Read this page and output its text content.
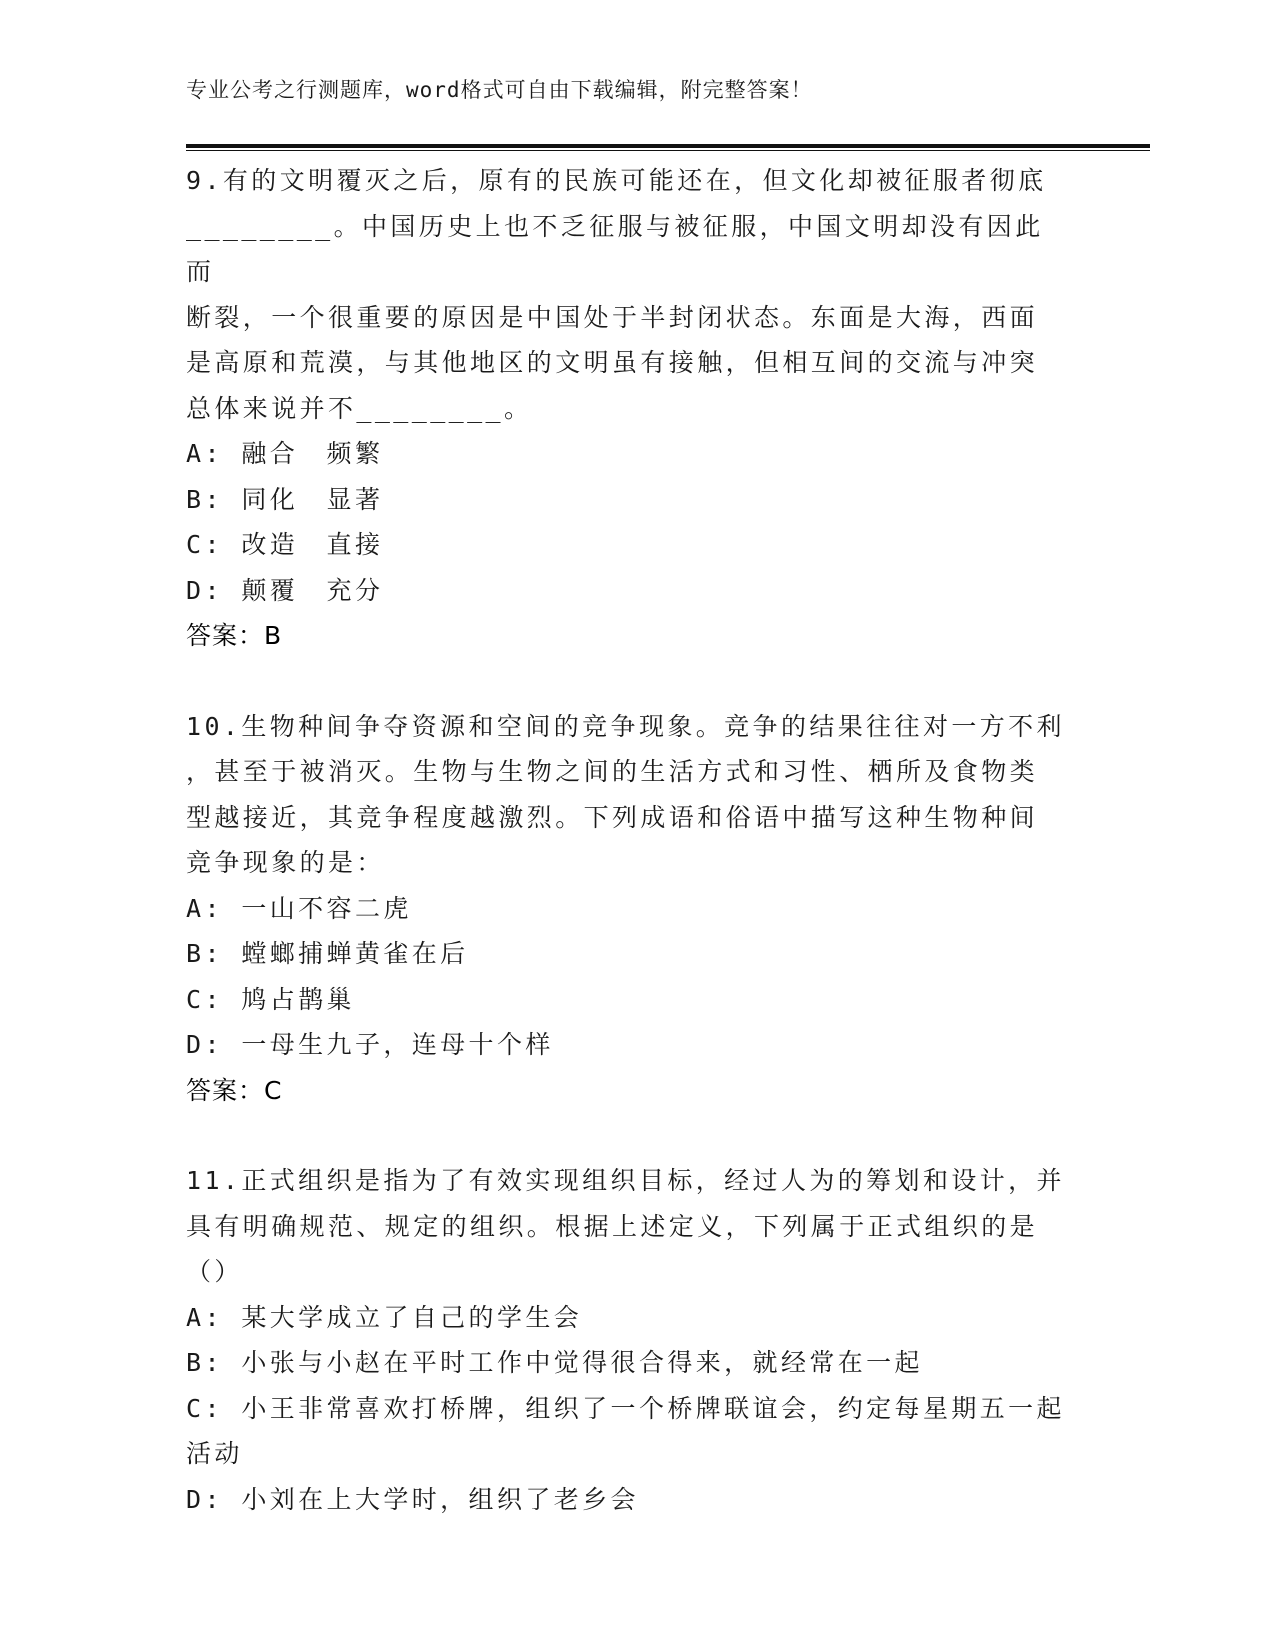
专业公考之行测题库，word格式可自由下载编辑，附完整答案！

9.有的文明覆灭之后，原有的民族可能还在，但文化却被征服者彻底

________。中国历史上也不乏征服与被征服，中国文明却没有因此而

断裂，一个很重要的原因是中国处于半封闭状态。东面是大海，西面

是高原和荒漠，与其他地区的文明虽有接触，但相互间的交流与冲突

总体来说并不________。

A: 融合　频繁

B: 同化　显著

C: 改造　直接

D: 颠覆　充分

答案：B

10.生物种间争夺资源和空间的竞争现象。竞争的结果往往对一方不利

，甚至于被消灭。生物与生物之间的生活方式和习性、栖所及食物类

型越接近，其竞争程度越激烈。下列成语和俗语中描写这种生物种间

竞争现象的是：

A: 一山不容二虎

B: 螳螂捕蝉黄雀在后

C: 鸠占鹊巢

D: 一母生九子，连母十个样

答案：C

11.正式组织是指为了有效实现组织目标，经过人为的筹划和设计，并

具有明确规范、规定的组织。根据上述定义，下列属于正式组织的是

（）

A: 某大学成立了自己的学生会

B: 小张与小赵在平时工作中觉得很合得来，就经常在一起

C: 小王非常喜欢打桥牌，组织了一个桥牌联谊会，约定每星期五一起

活动

D: 小刘在上大学时，组织了老乡会
